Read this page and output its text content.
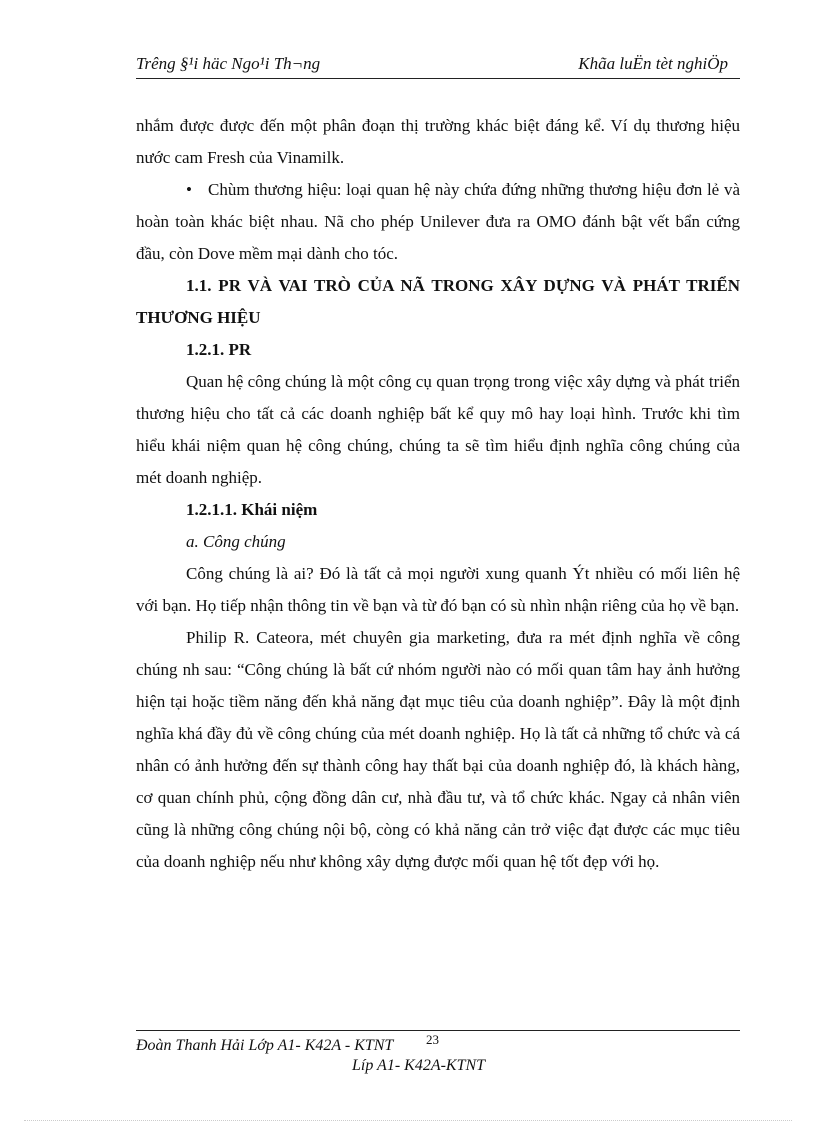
Trêng §¹i häc Ngo¹i Th¬ng	Khãa luËn tèt nghiÖp

nhắm được được đến một phân đoạn thị trường khác biệt đáng kể. Ví dụ thương hiệu nước cam Fresh của Vinamilk.

• Chùm thương hiệu: loại quan hệ này chứa đứng những thương hiệu đơn lẻ và hoàn toàn khác biệt nhau. Nã cho phép Unilever đưa ra OMO đánh bật vết bẩn cứng đầu, còn Dove mềm mại dành cho tóc.

1.1. PR VÀ VAI TRÒ CỦA NÃ TRONG XÂY DỰNG VÀ PHÁT TRIỂN THƯƠNG HIỆU

1.2.1. PR

Quan hệ công chúng là một công cụ quan trọng trong việc xây dựng và phát triển thương hiệu cho tất cả các doanh nghiệp bất kể quy mô hay loại hình. Trước khi tìm hiểu khái niệm quan hệ công chúng, chúng ta sẽ tìm hiểu định nghĩa công chúng của mét doanh nghiệp.

1.2.1.1. Khái niệm

a. Công chúng

Công chúng là ai? Đó là tất cả mọi người xung quanh Ýt nhiều có mối liên hệ với bạn. Họ tiếp nhận thông tin về bạn và từ đó bạn có sù nhìn nhận riêng của họ về bạn.

Philip R. Cateora, mét chuyên gia marketing, đưa ra mét định nghĩa về công chúng nh sau: “Công chúng là bất cứ nhóm người nào có mối quan tâm hay ảnh hưởng hiện tại hoặc tiềm năng đến khả năng đạt mục tiêu của doanh nghiệp”. Đây là một định nghĩa khá đầy đủ về công chúng của mét doanh nghiệp. Họ là tất cả những tổ chức và cá nhân có ảnh hưởng đến sự thành công hay thất bại của doanh nghiệp đó, là khách hàng, cơ quan chính phủ, cộng đồng dân cư, nhà đầu tư, và tổ chức khác. Ngay cả nhân viên cũng là những công chúng nội bộ, còng có khả năng cản trở việc đạt được các mục tiêu của doanh nghiệp nếu như không xây dựng được mối quan hệ tốt đẹp với họ.

Đoàn Thanh Hải Lớp A1- K42A - KTNT	23
Líp A1- K42A-KTNT
